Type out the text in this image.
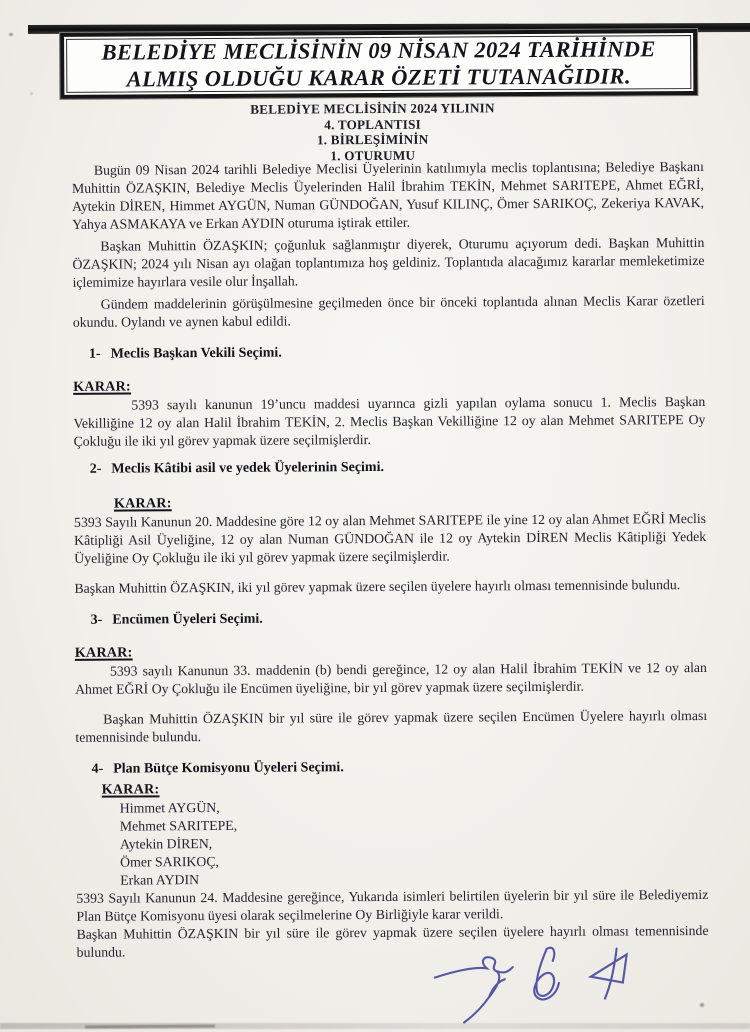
BELEDİYE MECLİSİNİN 09 NİSAN 2024 TARİHİNDE
ALMIŞ OLDUĞU KARAR ÖZETİ TUTANAĞIDIR.
BELEDİYE MECLİSİNİN 2024 YILININ
4. TOPLANTISI
1. BİRLEŞİMİNİN
1. OTURUMU

Bugün 09 Nisan 2024 tarihli Belediye Meclisi Üyelerinin katılımıyla meclis toplantısına; Belediye Başkanı Muhittin ÖZAŞKIN, Belediye Meclis Üyelerinden Halil İbrahim TEKİN, Mehmet SARITEPE, Ahmet EĞRİ, Aytekin DİREN, Himmet AYGÜN, Numan GÜNDOĞAN, Yusuf KILINÇ, Ömer SARIKOÇ, Zekeriya KAVAK, Yahya ASMAKAYA ve Erkan AYDIN oturuma iştirak ettiler.

Başkan Muhittin ÖZAŞKIN; çoğunluk sağlanmıştır diyerek, Oturumu açıyorum dedi. Başkan Muhittin ÖZAŞKIN; 2024 yılı Nisan ayı olağan toplantımıza hoş geldiniz. Toplantıda alacağımız kararlar memleketimize içlemimize hayırlara vesile olur İnşallah.

Gündem maddelerinin görüşülmesine geçilmeden önce bir önceki toplantıda alınan Meclis Karar özetleri okundu. Oylandı ve aynen kabul edildi.

1- Meclis Başkan Vekili Seçimi.
KARAR:

5393 sayılı kanunun 19’uncu maddesi uyarınca gizli yapılan oylama sonucu 1. Meclis Başkan Vekilliğine 12 oy alan Halil İbrahim TEKİN, 2. Meclis Başkan Vekilliğine 12 oy alan Mehmet SARITEPE Oy Çokluğu ile iki yıl görev yapmak üzere seçilmişlerdir.

2- Meclis Kâtibi asil ve yedek Üyelerinin Seçimi.
KARAR:

5393 Sayılı Kanunun 20. Maddesine göre 12 oy alan Mehmet SARITEPE ile yine 12 oy alan Ahmet EĞRİ Meclis Kâtipliği Asil Üyeliğine, 12 oy alan Numan GÜNDOĞAN ile 12 oy Aytekin DİREN Meclis Kâtipliği Yedek Üyeliğine Oy Çokluğu ile iki yıl görev yapmak üzere seçilmişlerdir.

Başkan Muhittin ÖZAŞKIN, iki yıl görev yapmak üzere seçilen üyelere hayırlı olması temennisinde bulundu.

3- Encümen Üyeleri Seçimi.
KARAR:

5393 sayılı Kanunun 33. maddenin (b) bendi gereğince, 12 oy alan Halil İbrahim TEKİN ve 12 oy alan Ahmet EĞRİ Oy Çokluğu ile Encümen üyeliğine, bir yıl görev yapmak üzere seçilmişlerdir.

Başkan Muhittin ÖZAŞKIN bir yıl süre ile görev yapmak üzere seçilen Encümen Üyelere hayırlı olması temennisinde bulundu.

4- Plan Bütçe Komisyonu Üyeleri Seçimi.
KARAR:
Himmet AYGÜN,
Mehmet SARITEPE,
Aytekin DİREN,
Ömer SARIKOÇ,
Erkan AYDIN

5393 Sayılı Kanunun 24. Maddesine gereğince, Yukarıda isimleri belirtilen üyelerin bir yıl süre ile Belediyemiz Plan Bütçe Komisyonu üyesi olarak seçilmelerine Oy Birliğiyle karar verildi.

Başkan Muhittin ÖZAŞKIN bir yıl süre ile görev yapmak üzere seçilen üyelere hayırlı olması temennisinde bulundu.
